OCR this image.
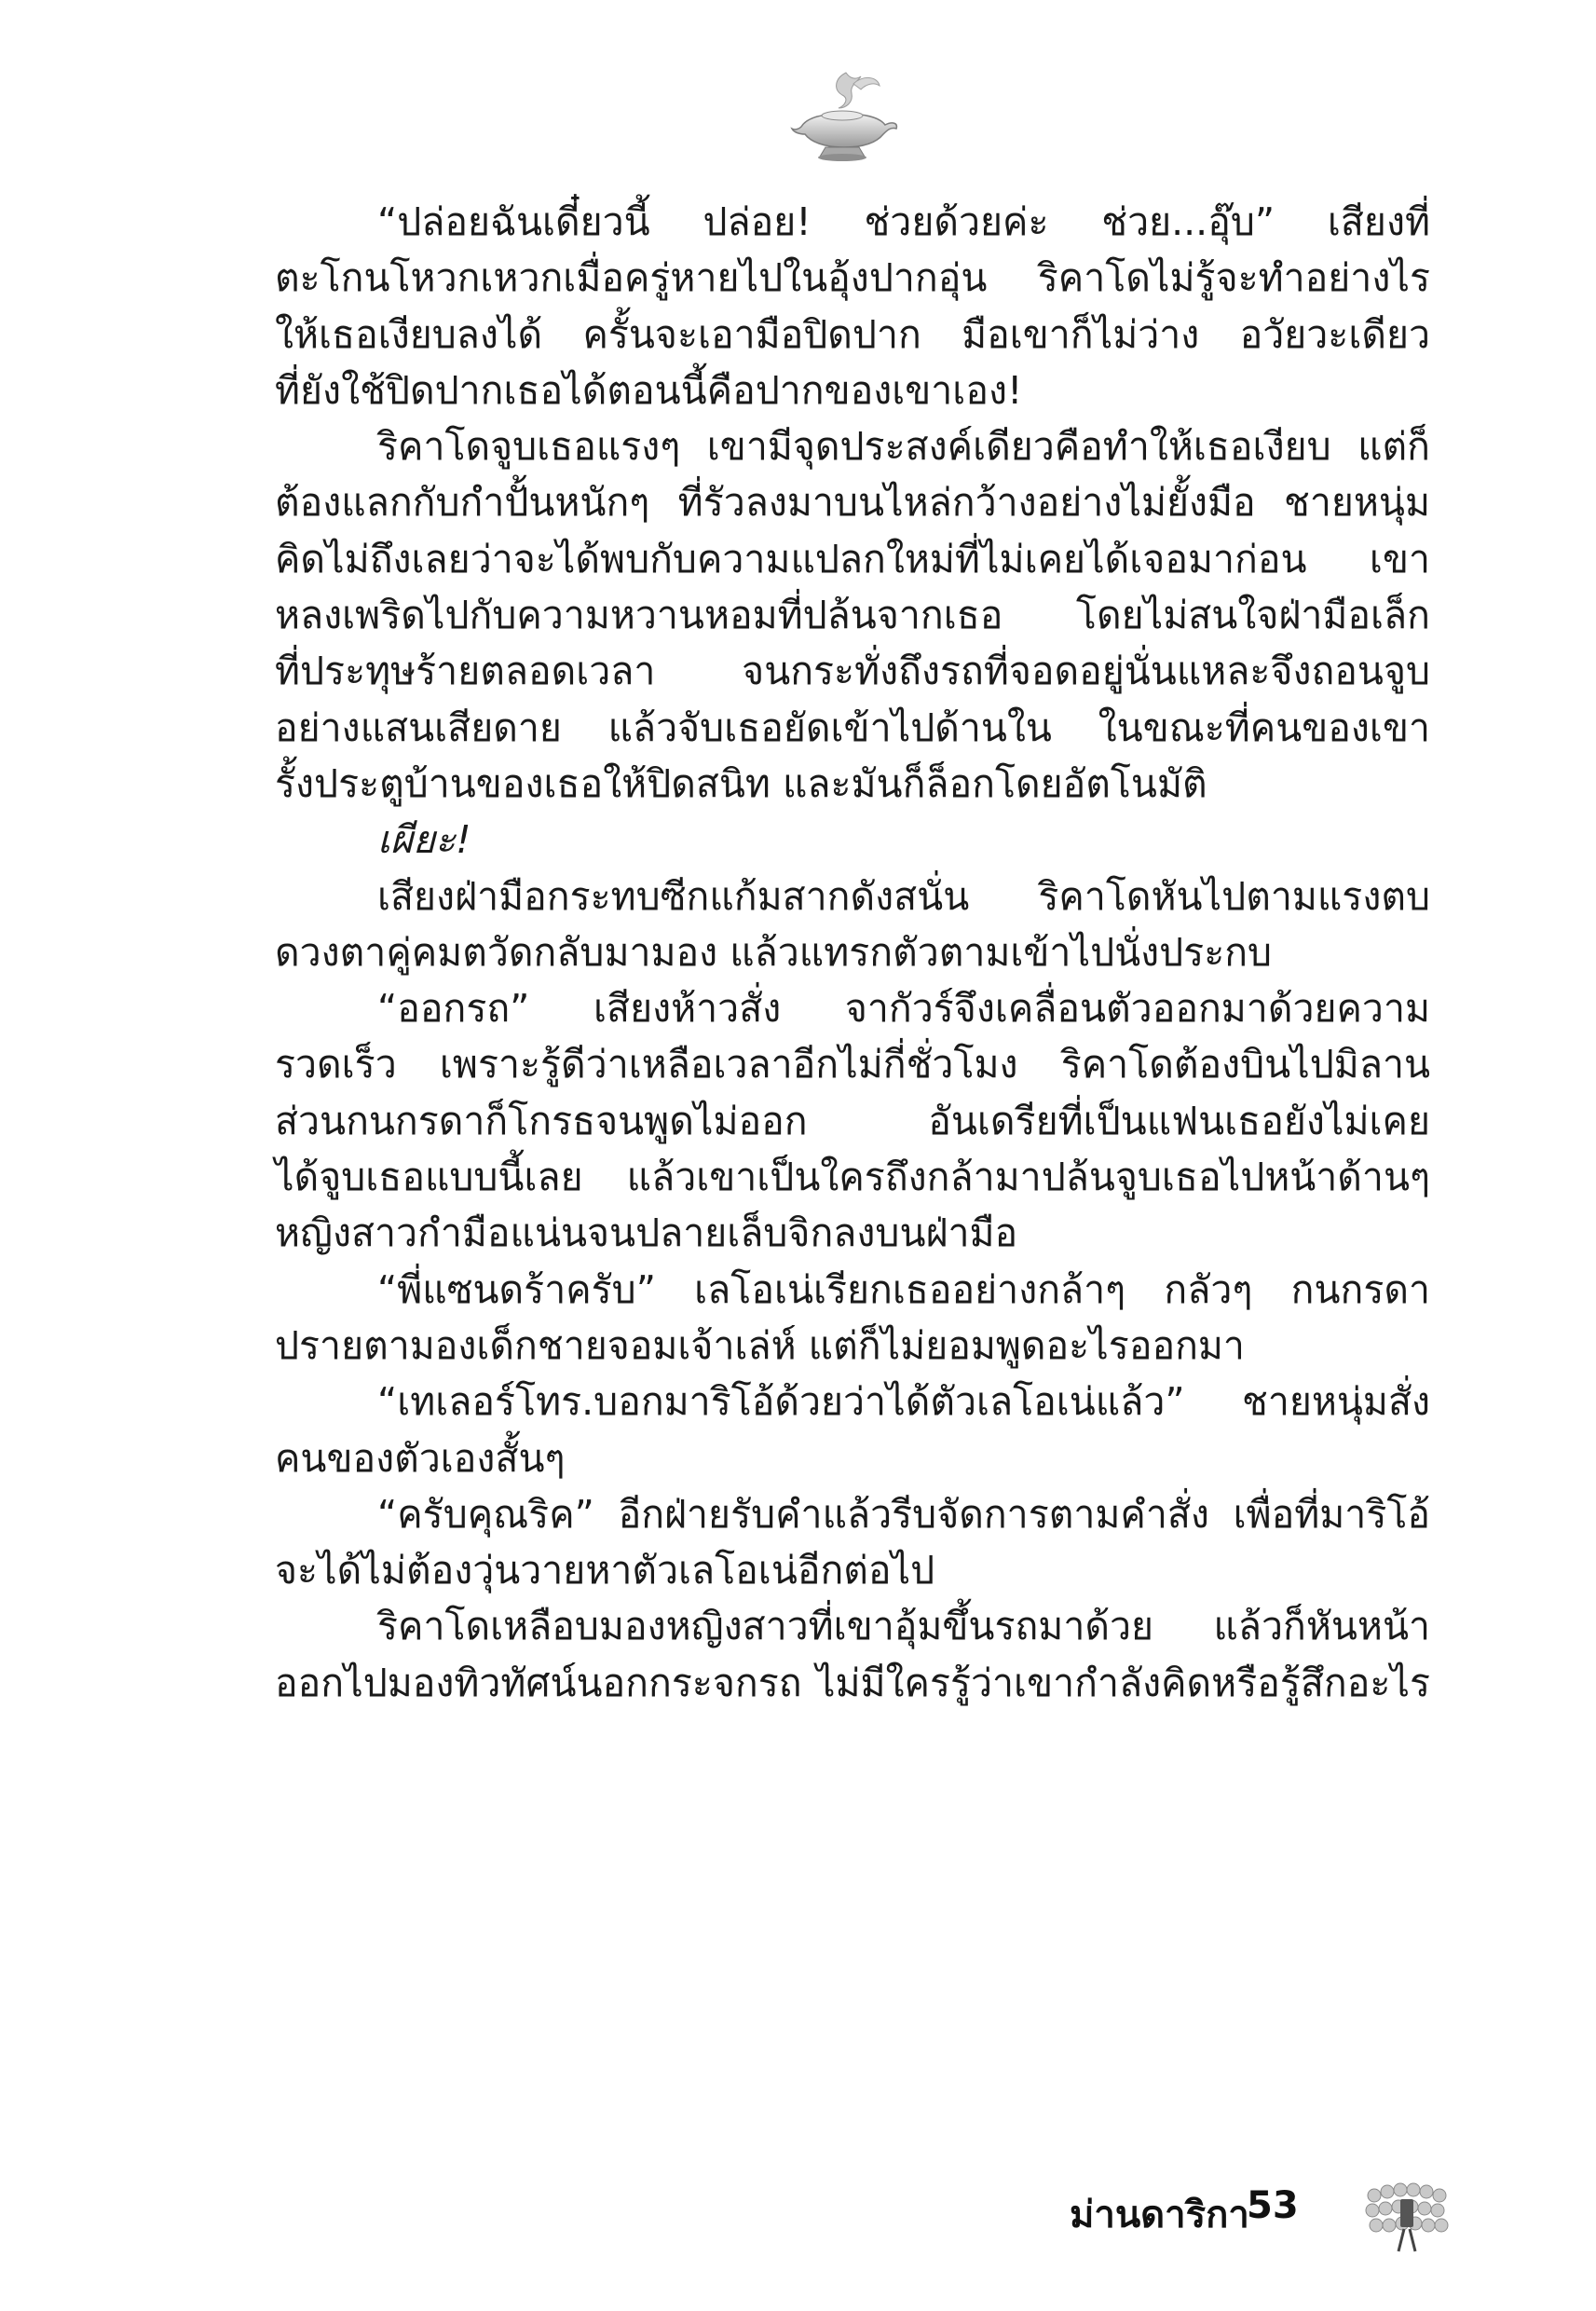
“ปล่อยฉันเดี๋ยวนี้ ปล่อย! ช่วยด้วยค่ะ ช่วย...อุ๊บ” เสียงที่
ตะโกนโหวกเหวกเมื่อครู่หายไปในอุ้งปากอุ่น ริคาโดไม่รู้จะทำอย่างไร
ให้เธอเงียบลงได้ ครั้นจะเอามือปิดปาก มือเขาก็ไม่ว่าง อวัยวะเดียว
ที่ยังใช้ปิดปากเธอได้ตอนนี้คือปากของเขาเอง!
ริคาโดจูบเธอแรงๆ เขามีจุดประสงค์เดียวคือทำให้เธอเงียบ แต่ก็
ต้องแลกกับกำปั้นหนักๆ ที่รัวลงมาบนไหล่กว้างอย่างไม่ยั้งมือ ชายหนุ่ม
คิดไม่ถึงเลยว่าจะได้พบกับความแปลกใหม่ที่ไม่เคยได้เจอมาก่อน เขา
หลงเพริดไปกับความหวานหอมที่ปล้นจากเธอ โดยไม่สนใจฝ่ามือเล็ก
ที่ประทุษร้ายตลอดเวลา จนกระทั่งถึงรถที่จอดอยู่นั่นแหละจึงถอนจูบ
อย่างแสนเสียดาย แล้วจับเธอยัดเข้าไปด้านใน ในขณะที่คนของเขา
รั้งประตูบ้านของเธอให้ปิดสนิท และมันก็ล็อกโดยอัตโนมัติ
เผียะ!
เสียงฝ่ามือกระทบซีกแก้มสากดังสนั่น ริคาโดหันไปตามแรงตบ
ดวงตาคู่คมตวัดกลับมามอง แล้วแทรกตัวตามเข้าไปนั่งประกบ
“ออกรถ” เสียงห้าวสั่ง จากัวร์จึงเคลื่อนตัวออกมาด้วยความ
รวดเร็ว เพราะรู้ดีว่าเหลือเวลาอีกไม่กี่ชั่วโมง ริคาโดต้องบินไปมิลาน
ส่วนกนกรดาก็โกรธจนพูดไม่ออก อันเดรียที่เป็นแฟนเธอยังไม่เคย
ได้จูบเธอแบบนี้เลย แล้วเขาเป็นใครถึงกล้ามาปล้นจูบเธอไปหน้าด้านๆ
หญิงสาวกำมือแน่นจนปลายเล็บจิกลงบนฝ่ามือ
“พี่แซนดร้าครับ” เลโอเน่เรียกเธออย่างกล้าๆ กลัวๆ กนกรดา
ปรายตามองเด็กชายจอมเจ้าเล่ห์ แต่ก็ไม่ยอมพูดอะไรออกมา
“เทเลอร์โทร.บอกมาริโอ้ด้วยว่าได้ตัวเลโอเน่แล้ว” ชายหนุ่มสั่ง
คนของตัวเองสั้นๆ
“ครับคุณริค” อีกฝ่ายรับคำแล้วรีบจัดการตามคำสั่ง เพื่อที่มาริโอ้
จะได้ไม่ต้องวุ่นวายหาตัวเลโอเน่อีกต่อไป
ริคาโดเหลือบมองหญิงสาวที่เขาอุ้มขึ้นรถมาด้วย แล้วก็หันหน้า
ออกไปมองทิวทัศน์นอกกระจกรถ ไม่มีใครรู้ว่าเขากำลังคิดหรือรู้สึกอะไร
ม่านดาริกา
53
